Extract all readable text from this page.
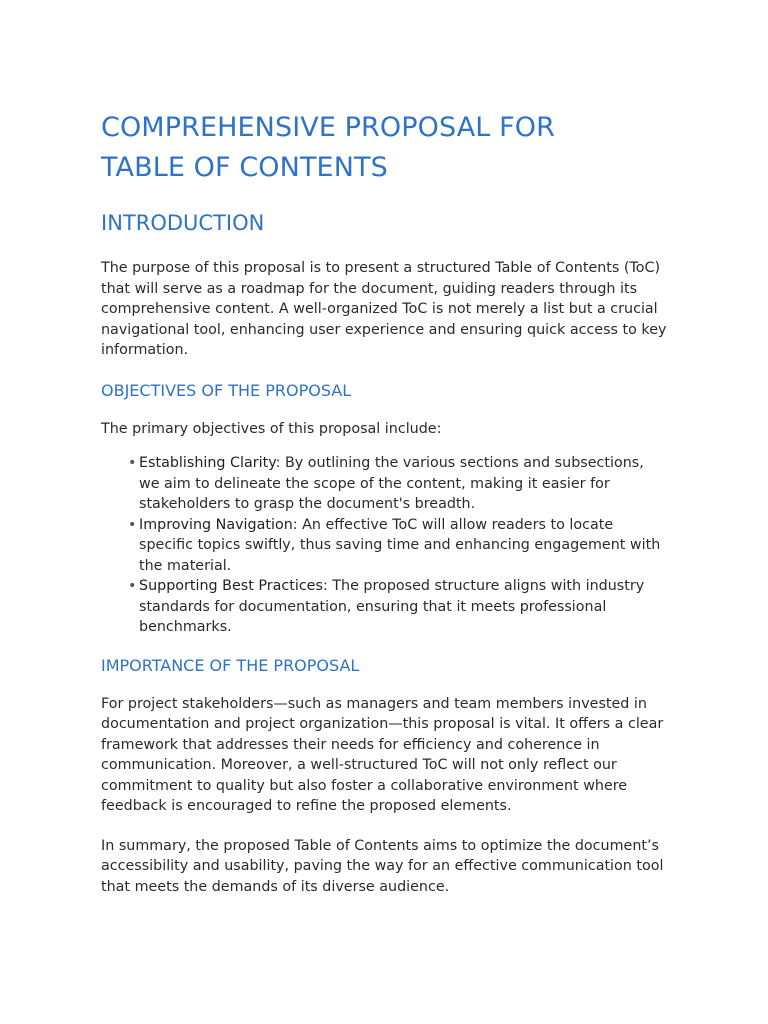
COMPREHENSIVE PROPOSAL FOR
TABLE OF CONTENTS
INTRODUCTION

The purpose of this proposal is to present a structured Table of Contents (ToC) that will serve as a roadmap for the document, guiding readers through its comprehensive content. A well-organized ToC is not merely a list but a crucial navigational tool, enhancing user experience and ensuring quick access to key information.

OBJECTIVES OF THE PROPOSAL

The primary objectives of this proposal include:

• Establishing Clarity: By outlining the various sections and subsections, we aim to delineate the scope of the content, making it easier for stakeholders to grasp the document's breadth.
• Improving Navigation: An effective ToC will allow readers to locate specific topics swiftly, thus saving time and enhancing engagement with the material.
• Supporting Best Practices: The proposed structure aligns with industry standards for documentation, ensuring that it meets professional benchmarks.
IMPORTANCE OF THE PROPOSAL

For project stakeholders—such as managers and team members invested in documentation and project organization—this proposal is vital. It offers a clear framework that addresses their needs for efficiency and coherence in communication. Moreover, a well-structured ToC will not only reflect our commitment to quality but also foster a collaborative environment where feedback is encouraged to refine the proposed elements.

In summary, the proposed Table of Contents aims to optimize the document’s accessibility and usability, paving the way for an effective communication tool that meets the demands of its diverse audience.
